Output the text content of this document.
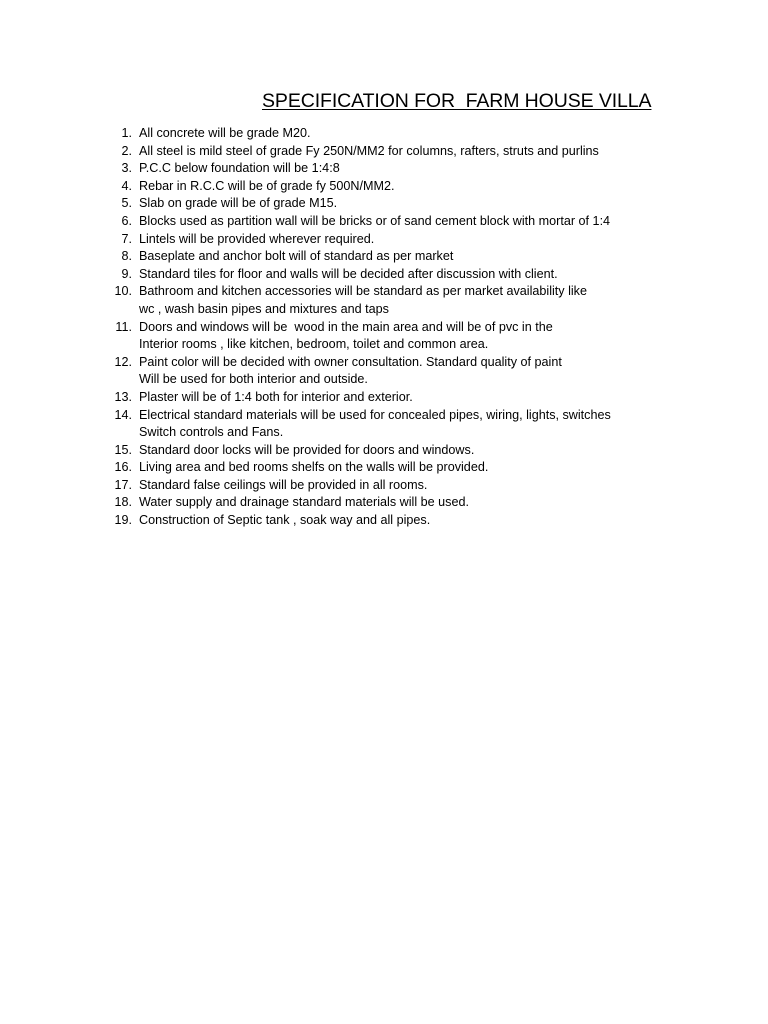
SPECIFICATION FOR  FARM HOUSE VILLA
1. All concrete will be grade M20.
2. All steel is mild steel of grade Fy 250N/MM2 for columns, rafters, struts and purlins
3. P.C.C below foundation will be 1:4:8
4. Rebar in R.C.C will be of grade fy 500N/MM2.
5. Slab on grade will be of grade M15.
6. Blocks used as partition wall will be bricks or of sand cement block with mortar of 1:4
7. Lintels will be provided wherever required.
8. Baseplate and anchor bolt will of standard as per market
9. Standard tiles for floor and walls will be decided after discussion with client.
10. Bathroom and kitchen accessories will be standard as per market availability like
wc , wash basin pipes and mixtures and taps
11. Doors and windows will be  wood in the main area and will be of pvc in the
Interior rooms , like kitchen, bedroom, toilet and common area.
12. Paint color will be decided with owner consultation. Standard quality of paint
Will be used for both interior and outside.
13. Plaster will be of 1:4 both for interior and exterior.
14. Electrical standard materials will be used for concealed pipes, wiring, lights, switches
Switch controls and Fans.
15. Standard door locks will be provided for doors and windows.
16. Living area and bed rooms shelfs on the walls will be provided.
17. Standard false ceilings will be provided in all rooms.
18. Water supply and drainage standard materials will be used.
19. Construction of Septic tank , soak way and all pipes.
